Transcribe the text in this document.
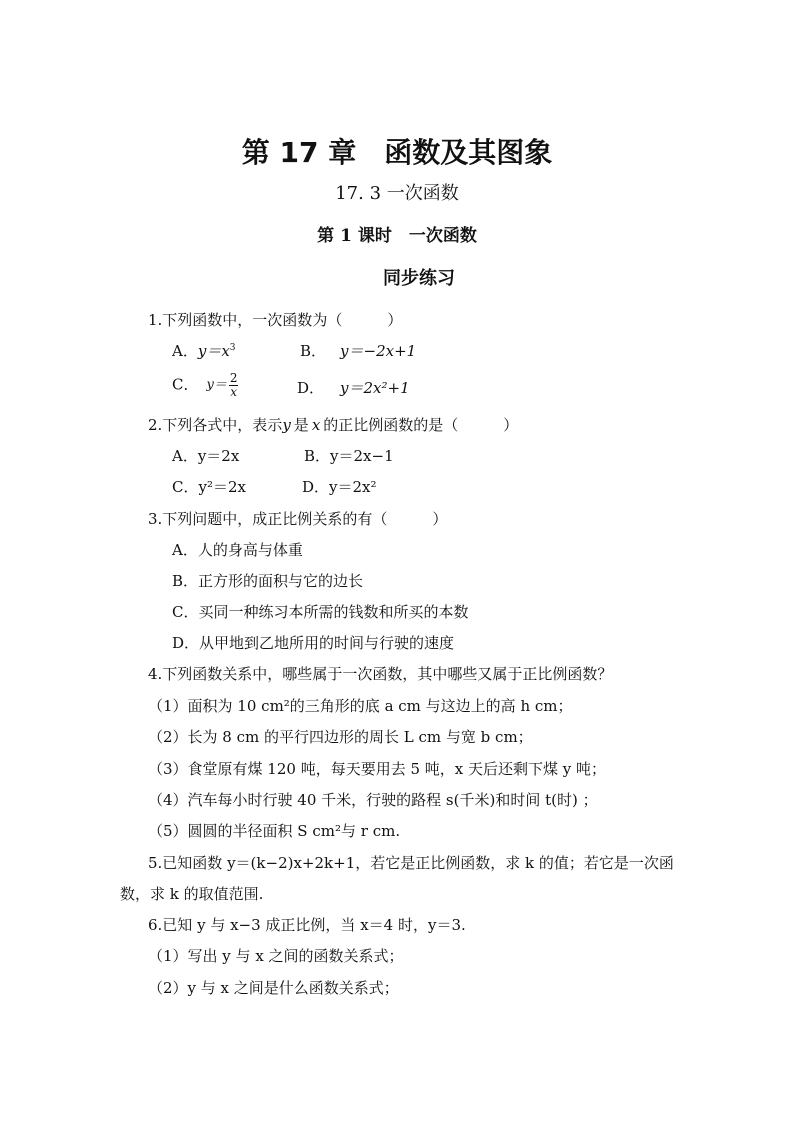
第 17 章　函数及其图象
17. 3 一次函数
第 1 课时　一次函数
同步练习
1.下列函数中，一次函数为（　　　）
A．$y=x^3$	B． y＝−2x+1
C． $y= \frac{2}{x}$	D． y＝2x²+1
2.下列各式中，表示y 是 x 的正比例函数的是（　　　）
A．y＝2x	B．y＝2x−1
C．y²＝2x	D．y＝2x²
3.下列问题中，成正比例关系的有（　　　）
A．人的身高与体重
B．正方形的面积与它的边长
C．买同一种练习本所需的钱数和所买的本数
D．从甲地到乙地所用的时间与行驶的速度
4.下列函数关系中，哪些属于一次函数，其中哪些又属于正比例函数？
（1）面积为 10 cm²的三角形的底 a cm 与这边上的高 h cm；
（2）长为 8 cm 的平行四边形的周长 L cm 与宽 b cm；
（3）食堂原有煤 120 吨，每天要用去 5 吨，x 天后还剩下煤 y 吨；
（4）汽车每小时行驶 40 千米，行驶的路程 s(千米)和时间 t(时) ；
（5）圆圆的半径面积 S cm²与 r cm.
5.已知函数 y＝(k−2)x+2k+1，若它是正比例函数，求 k 的值；若它是一次函
数，求 k 的取值范围.
6.已知 y 与 x−3 成正比例，当 x＝4 时，y＝3.
（1）写出 y 与 x 之间的函数关系式；
（2）y 与 x 之间是什么函数关系式；
